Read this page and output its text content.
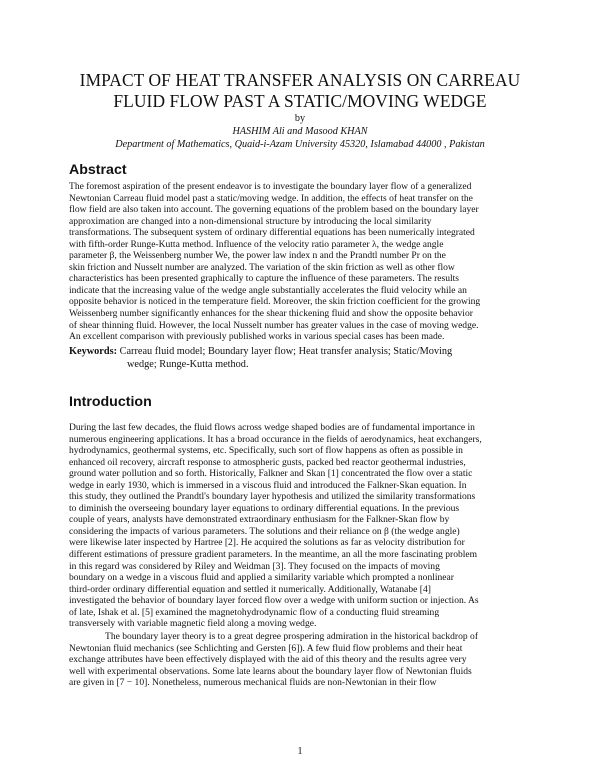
IMPACT OF HEAT TRANSFER ANALYSIS ON CARREAU
FLUID FLOW PAST A STATIC/MOVING WEDGE
by
HASHIM Ali and Masood KHAN
Department of Mathematics, Quaid-i-Azam University 45320, Islamabad 44000 , Pakistan
Abstract
The foremost aspiration of the present endeavor is to investigate the boundary layer flow of a generalized
Newtonian Carreau fluid model past a static/moving wedge. In addition, the effects of heat transfer on the
flow field are also taken into account. The governing equations of the problem based on the boundary layer
approximation are changed into a non-dimensional structure by introducing the local similarity
transformations. The subsequent system of ordinary differential equations has been numerically integrated
with fifth-order Runge-Kutta method. Influence of the velocity ratio parameter λ, the wedge angle
parameter β, the Weissenberg number We, the power law index n and the Prandtl number Pr on the
skin friction and Nusselt number are analyzed. The variation of the skin friction as well as other flow
characteristics has been presented graphically to capture the influence of these parameters. The results
indicate that the increasing value of the wedge angle substantially accelerates the fluid velocity while an
opposite behavior is noticed in the temperature field. Moreover, the skin friction coefficient for the growing
Weissenberg number significantly enhances for the shear thickening fluid and show the opposite behavior
of shear thinning fluid. However, the local Nusselt number has greater values in the case of moving wedge.
An excellent comparison with previously published works in various special cases has been made.
Keywords: Carreau fluid model; Boundary layer flow; Heat transfer analysis; Static/Moving
wedge; Runge-Kutta method.
Introduction
During the last few decades, the fluid flows across wedge shaped bodies are of fundamental importance in
numerous engineering applications. It has a broad occurance in the fields of aerodynamics, heat exchangers,
hydrodynamics, geothermal systems, etc. Specifically, such sort of flow happens as often as possible in
enhanced oil recovery, aircraft response to atmospheric gusts, packed bed reactor geothermal industries,
ground water pollution and so forth. Historically, Falkner and Skan [1] concentrated the flow over a static
wedge in early 1930, which is immersed in a viscous fluid and introduced the Falkner-Skan equation. In
this study, they outlined the Prandtl's boundary layer hypothesis and utilized the similarity transformations
to diminish the overseeing boundary layer equations to ordinary differential equations. In the previous
couple of years, analysts have demonstrated extraordinary enthusiasm for the Falkner-Skan flow by
considering the impacts of various parameters. The solutions and their reliance on β (the wedge angle)
were likewise later inspected by Hartree [2]. He acquired the solutions as far as velocity distribution for
different estimations of pressure gradient parameters. In the meantime, an all the more fascinating problem
in this regard was considered by Riley and Weidman [3]. They focused on the impacts of moving
boundary on a wedge in a viscous fluid and applied a similarity variable which prompted a nonlinear
third-order ordinary differential equation and settled it numerically. Additionally, Watanabe [4]
investigated the behavior of boundary layer forced flow over a wedge with uniform suction or injection. As
of late, Ishak et al. [5] examined the magnetohydrodynamic flow of a conducting fluid streaming
transversely with variable magnetic field along a moving wedge.
The boundary layer theory is to a great degree prospering admiration in the historical backdrop of
Newtonian fluid mechanics (see Schlichting and Gersten [6]). A few fluid flow problems and their heat
exchange attributes have been effectively displayed with the aid of this theory and the results agree very
well with experimental observations. Some late learns about the boundary layer flow of Newtonian fluids
are given in [7 − 10]. Nonetheless, numerous mechanical fluids are non-Newtonian in their flow
1
